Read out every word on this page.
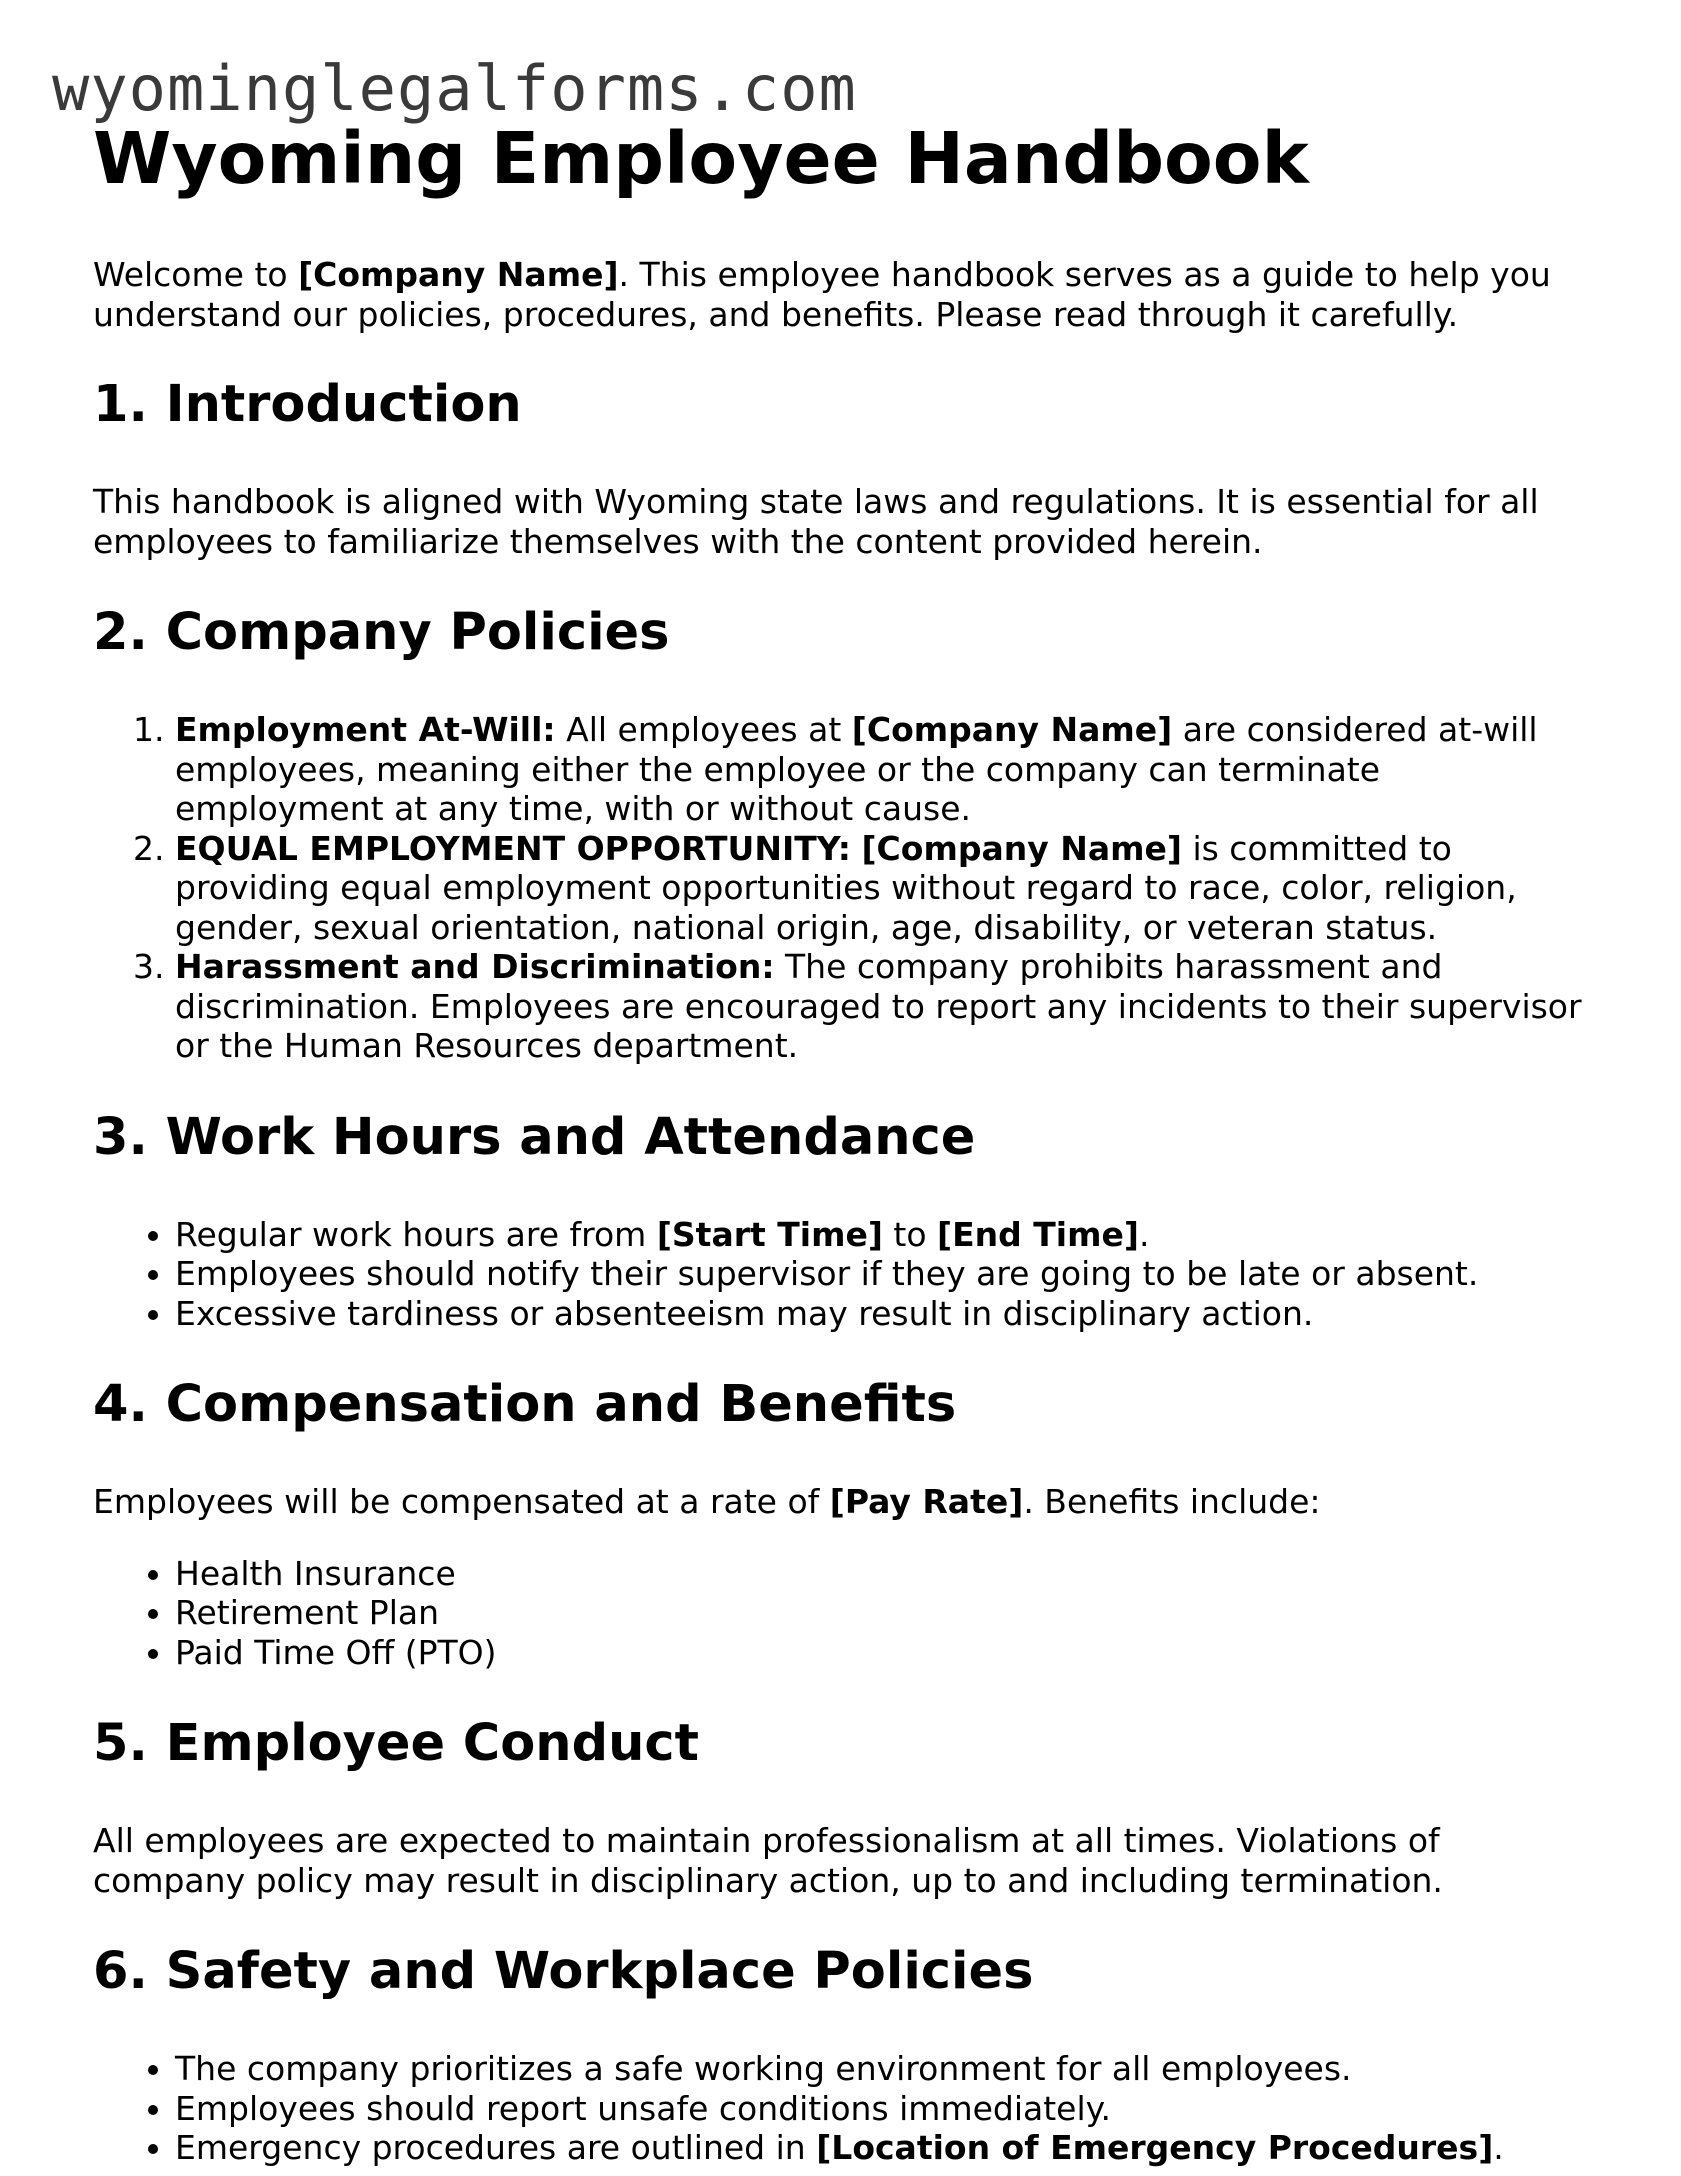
wyominglegalforms.com
Wyoming Employee Handbook

Welcome to [Company Name]. This employee handbook serves as a guide to help you understand our policies, procedures, and benefits. Please read through it carefully.

1. Introduction

This handbook is aligned with Wyoming state laws and regulations. It is essential for all employees to familiarize themselves with the content provided herein.

2. Company Policies
1. Employment At-Will: All employees at [Company Name] are considered at-will employees, meaning either the employee or the company can terminate employment at any time, with or without cause.
2. EQUAL EMPLOYMENT OPPORTUNITY: [Company Name] is committed to providing equal employment opportunities without regard to race, color, religion, gender, sexual orientation, national origin, age, disability, or veteran status.
3. Harassment and Discrimination: The company prohibits harassment and discrimination. Employees are encouraged to report any incidents to their supervisor or the Human Resources department.
3. Work Hours and Attendance
• Regular work hours are from [Start Time] to [End Time].
• Employees should notify their supervisor if they are going to be late or absent.
• Excessive tardiness or absenteeism may result in disciplinary action.
4. Compensation and Benefits

Employees will be compensated at a rate of [Pay Rate]. Benefits include:

• Health Insurance
• Retirement Plan
• Paid Time Off (PTO)
5. Employee Conduct

All employees are expected to maintain professionalism at all times. Violations of company policy may result in disciplinary action, up to and including termination.

6. Safety and Workplace Policies
• The company prioritizes a safe working environment for all employees.
• Employees should report unsafe conditions immediately.
• Emergency procedures are outlined in [Location of Emergency Procedures].
